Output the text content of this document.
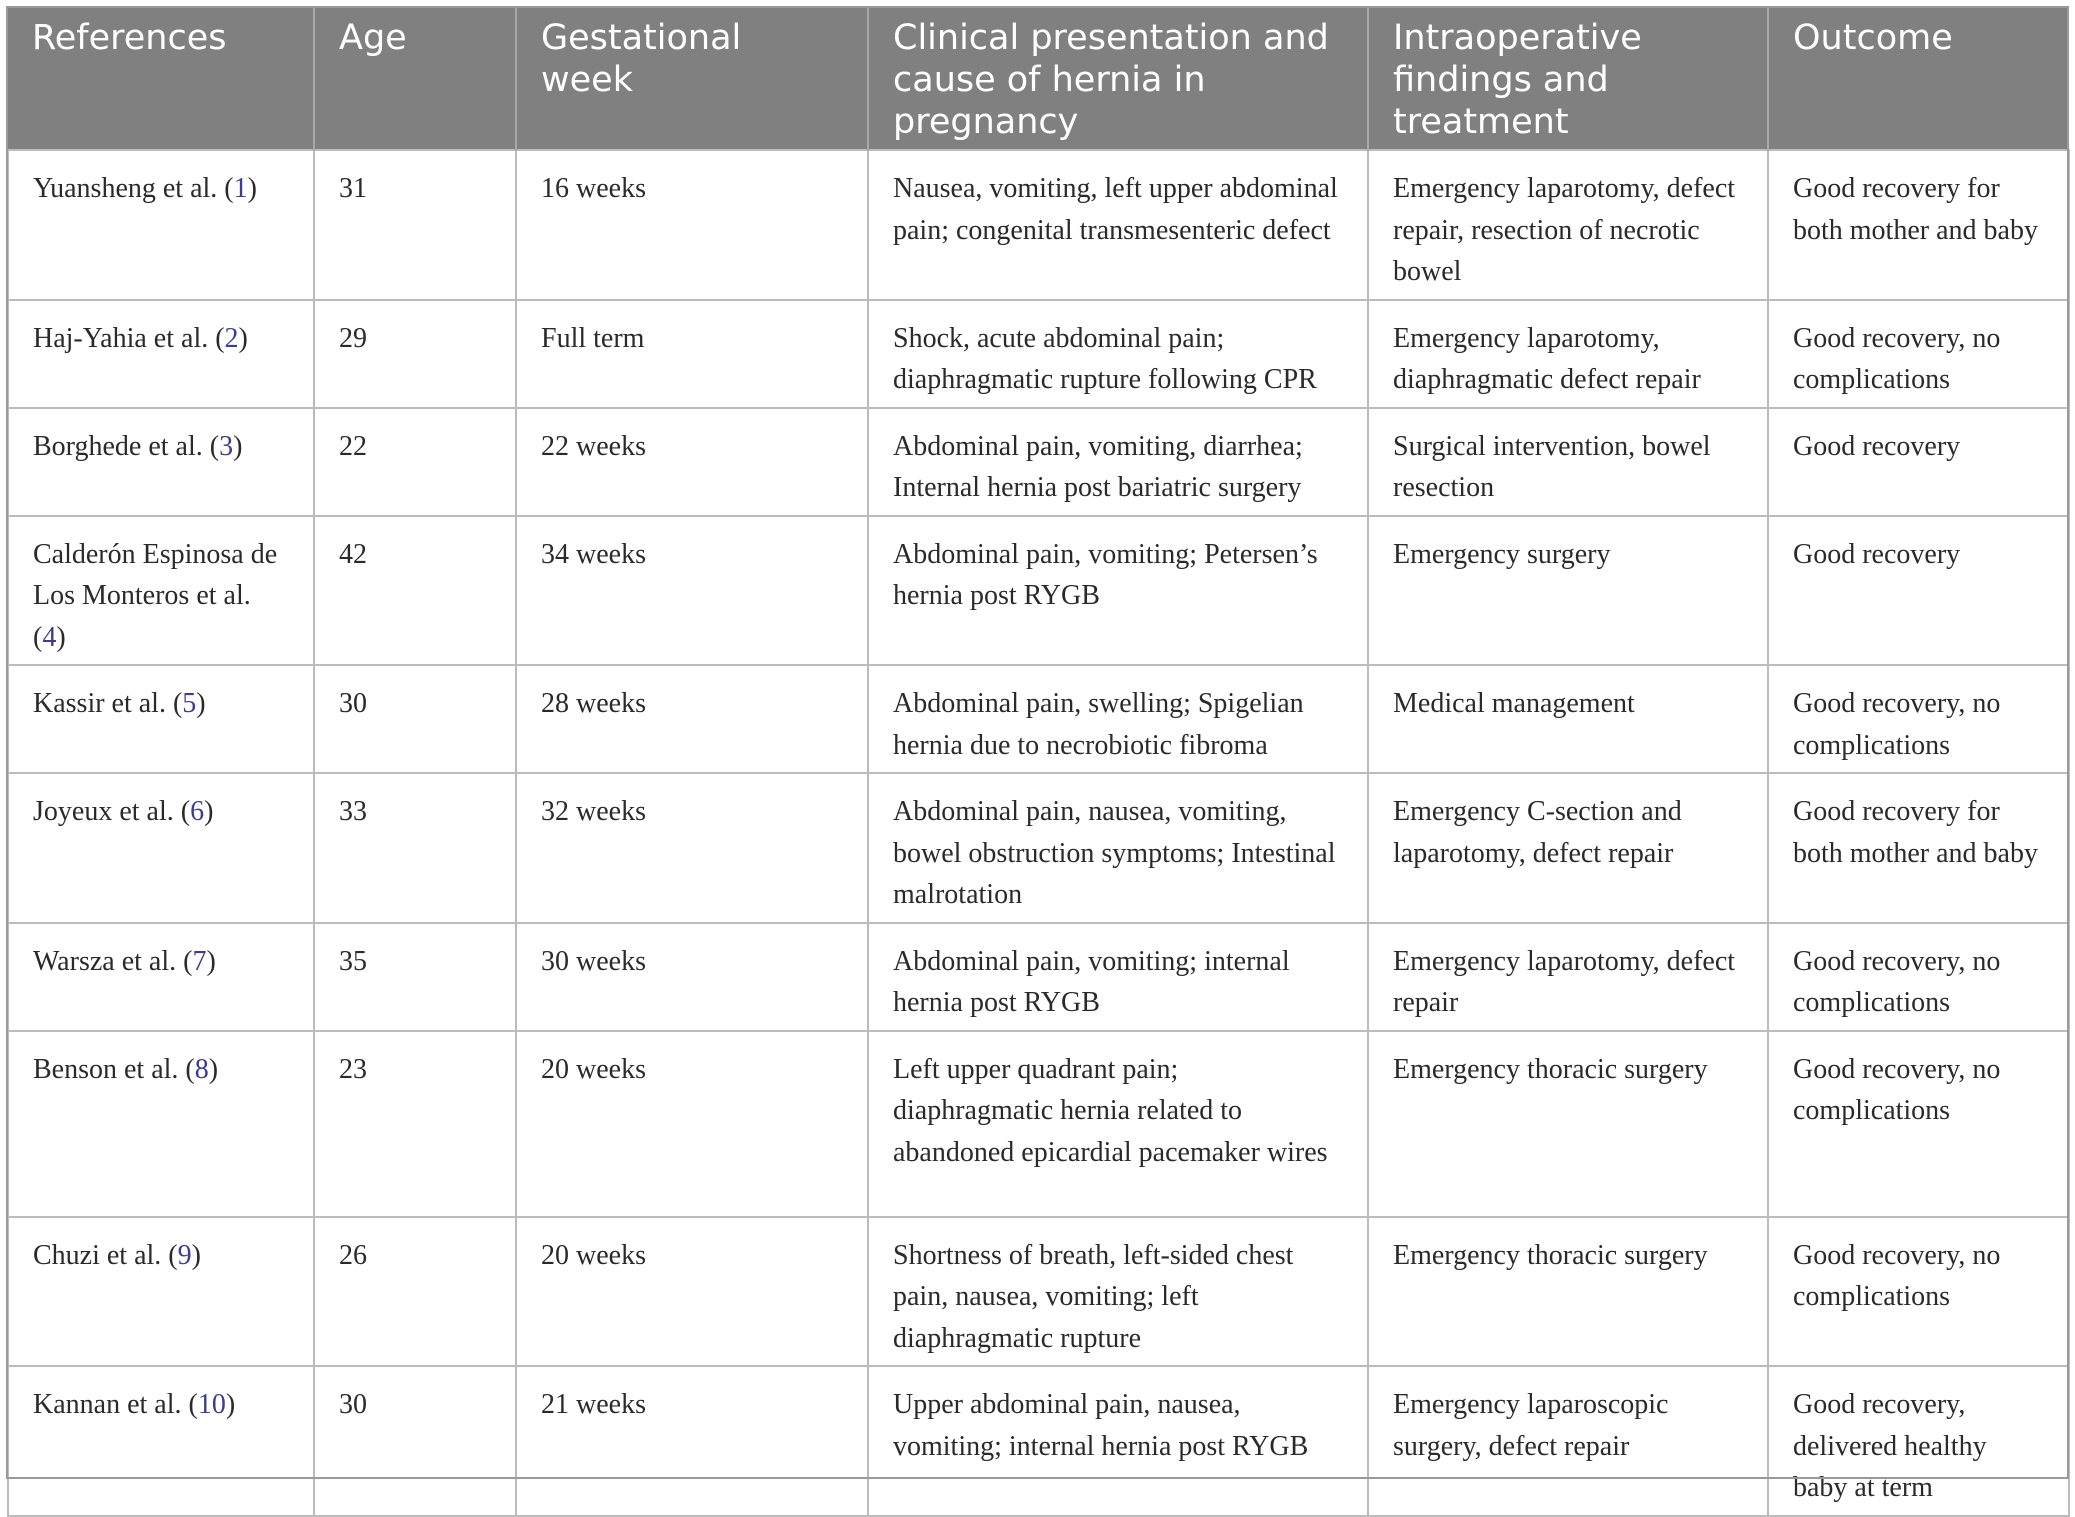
References	Age	Gestational week	Clinical presentation and cause of hernia in pregnancy	Intraoperative findings and treatment	Outcome
Yuansheng et al. (1)	31	16 weeks	Nausea, vomiting, left upper abdominal pain; congenital transmesenteric defect	Emergency laparotomy, defect repair, resection of necrotic bowel	Good recovery for both mother and baby
Haj-Yahia et al. (2)	29	Full term	Shock, acute abdominal pain; diaphragmatic rupture following CPR	Emergency laparotomy, diaphragmatic defect repair	Good recovery, no complications
Borghede et al. (3)	22	22 weeks	Abdominal pain, vomiting, diarrhea; Internal hernia post bariatric surgery	Surgical intervention, bowel resection	Good recovery
Calderón Espinosa de Los Monteros et al. (4)	42	34 weeks	Abdominal pain, vomiting; Petersen’s hernia post RYGB	Emergency surgery	Good recovery
Kassir et al. (5)	30	28 weeks	Abdominal pain, swelling; Spigelian hernia due to necrobiotic fibroma	Medical management	Good recovery, no complications
Joyeux et al. (6)	33	32 weeks	Abdominal pain, nausea, vomiting, bowel obstruction symptoms; Intestinal malrotation	Emergency C-section and laparotomy, defect repair	Good recovery for both mother and baby
Warsza et al. (7)	35	30 weeks	Abdominal pain, vomiting; internal hernia post RYGB	Emergency laparotomy, defect repair	Good recovery, no complications
Benson et al. (8)	23	20 weeks	Left upper quadrant pain; diaphragmatic hernia related to abandoned epicardial pacemaker wires	Emergency thoracic surgery	Good recovery, no complications
Chuzi et al. (9)	26	20 weeks	Shortness of breath, left-sided chest pain, nausea, vomiting; left diaphragmatic rupture	Emergency thoracic surgery	Good recovery, no complications
Kannan et al. (10)	30	21 weeks	Upper abdominal pain, nausea, vomiting; internal hernia post RYGB	Emergency laparoscopic surgery, defect repair	Good recovery, delivered healthy baby at term
